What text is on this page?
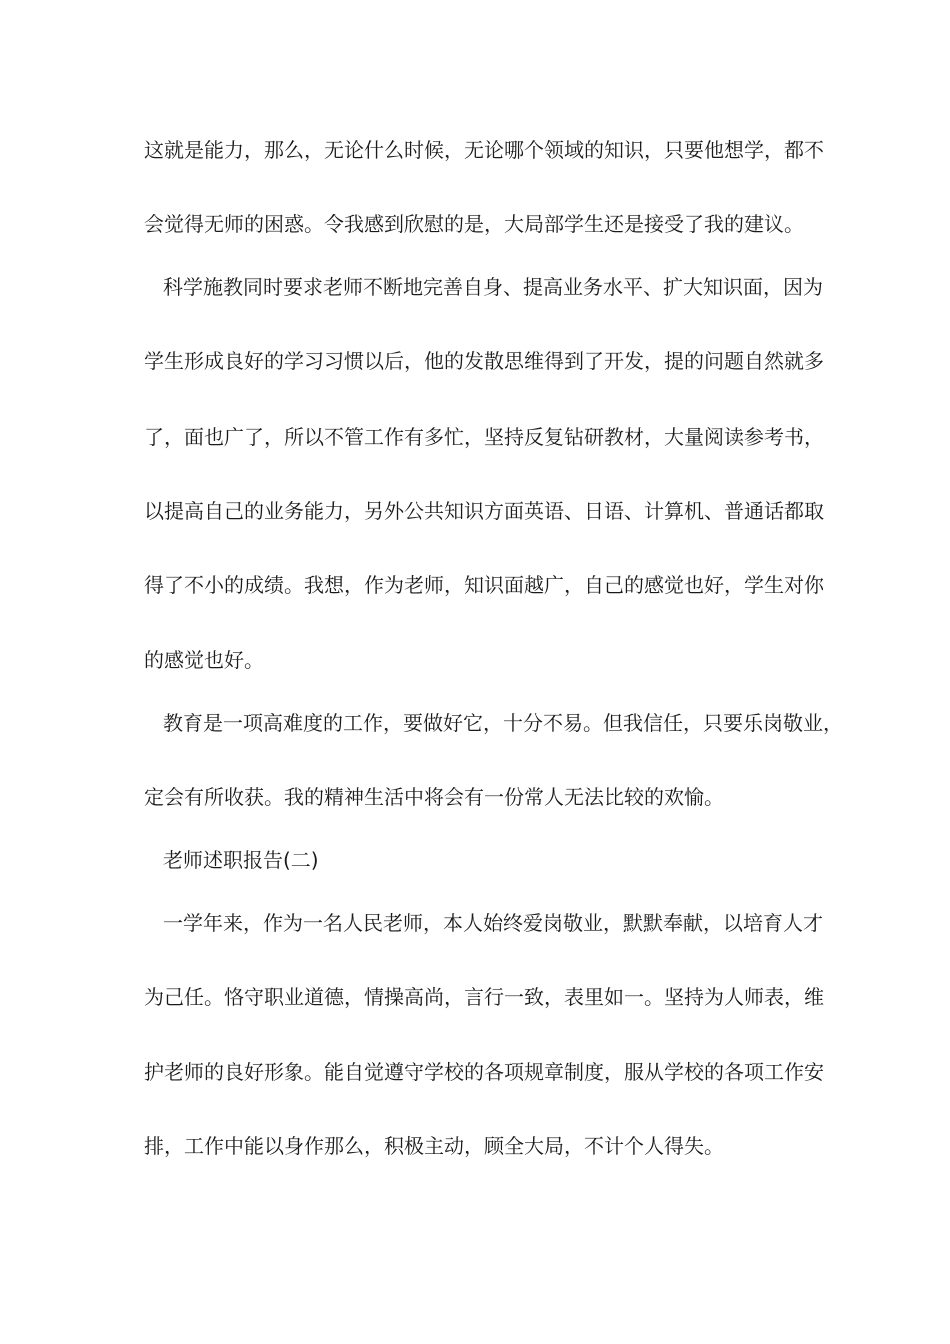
这就是能力，那么，无论什么时候，无论哪个领域的知识，只要他想学，都不
会觉得无师的困惑。令我感到欣慰的是，大局部学生还是接受了我的建议。
科学施教同时要求老师不断地完善自身、提高业务水平、扩大知识面，因为
学生形成良好的学习习惯以后，他的发散思维得到了开发，提的问题自然就多
了，面也广了，所以不管工作有多忙，坚持反复钻研教材，大量阅读参考书，
以提高自己的业务能力，另外公共知识方面英语、日语、计算机、普通话都取
得了不小的成绩。我想，作为老师，知识面越广，自己的感觉也好，学生对你
的感觉也好。
教育是一项高难度的工作，要做好它，十分不易。但我信任，只要乐岗敬业，
定会有所收获。我的精神生活中将会有一份常人无法比较的欢愉。
老师述职报告(二)
一学年来，作为一名人民老师，本人始终爱岗敬业，默默奉献，以培育人才
为己任。恪守职业道德，情操高尚，言行一致，表里如一。坚持为人师表，维
护老师的良好形象。能自觉遵守学校的各项规章制度，服从学校的各项工作安
排，工作中能以身作那么，积极主动，顾全大局，不计个人得失。
